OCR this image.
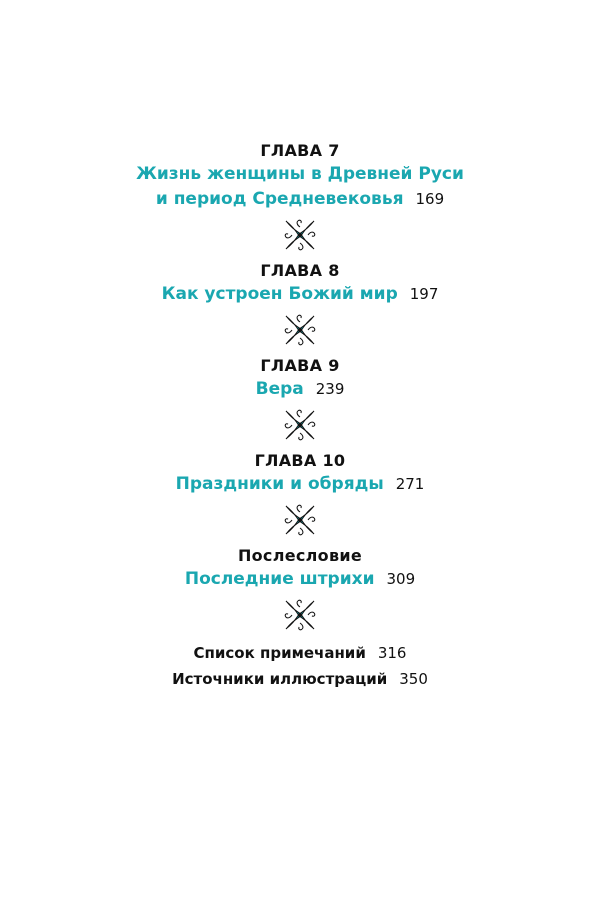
ГЛАВА 7
Жизнь женщины в Древней Руси
и период Средневековья 169
ГЛАВА 8
Как устроен Божий мир 197
ГЛАВА 9
Вера 239
ГЛАВА 10
Праздники и обряды 271
Послесловие
Последние штрихи 309
Список примечаний 316
Источники иллюстраций 350
